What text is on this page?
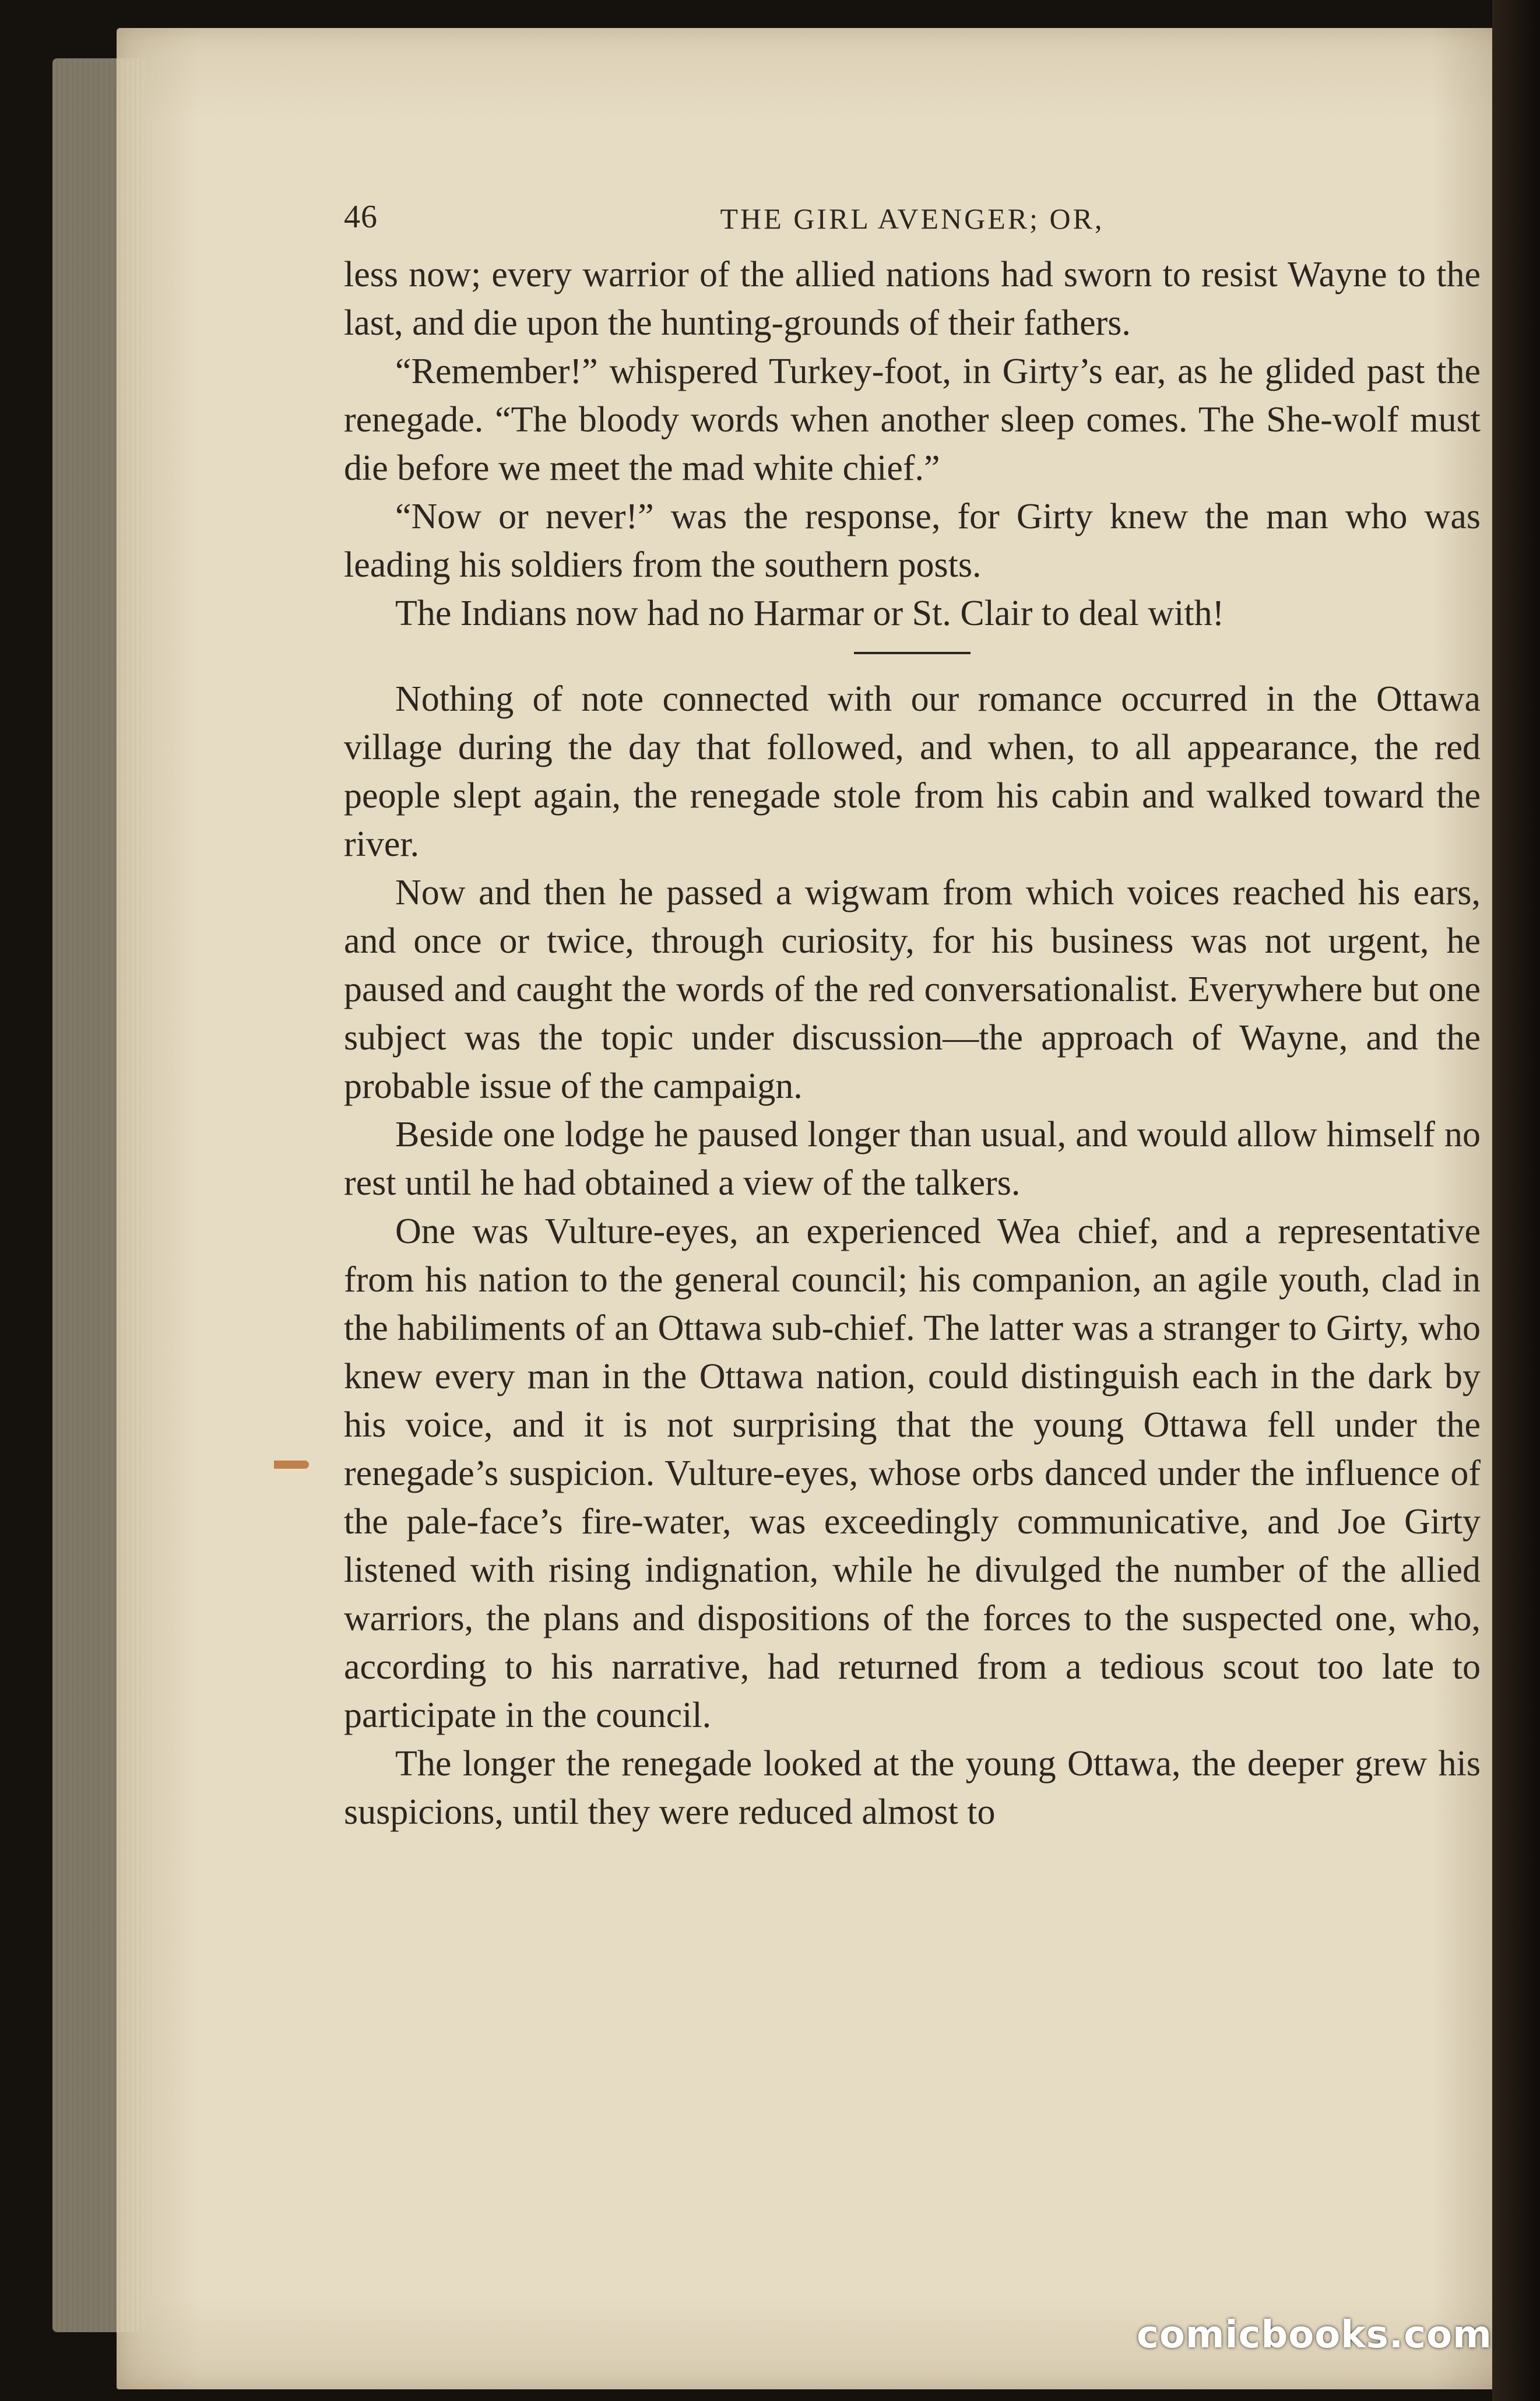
46	THE GIRL AVENGER; OR,

less now; every warrior of the allied nations had sworn to resist Wayne to the last, and die upon the hunting-grounds of their fathers.

“Remember!” whispered Turkey-foot, in Girty’s ear, as he glided past the renegade. “The bloody words when another sleep comes. The She-wolf must die before we meet the mad white chief.”

“Now or never!” was the response, for Girty knew the man who was leading his soldiers from the southern posts.

The Indians now had no Harmar or St. Clair to deal with!

Nothing of note connected with our romance occurred in the Ottawa village during the day that followed, and when, to all appearance, the red people slept again, the renegade stole from his cabin and walked toward the river.

Now and then he passed a wigwam from which voices reached his ears, and once or twice, through curiosity, for his business was not urgent, he paused and caught the words of the red conversationalist. Everywhere but one subject was the topic under discussion—the approach of Wayne, and the probable issue of the campaign.

Beside one lodge he paused longer than usual, and would allow himself no rest until he had obtained a view of the talkers.

One was Vulture-eyes, an experienced Wea chief, and a representative from his nation to the general council; his companion, an agile youth, clad in the habiliments of an Ottawa sub-chief. The latter was a stranger to Girty, who knew every man in the Ottawa nation, could distinguish each in the dark by his voice, and it is not surprising that the young Ottawa fell under the renegade’s suspicion. Vulture-eyes, whose orbs danced under the influence of the pale-face’s fire-water, was exceedingly communicative, and Joe Girty listened with rising indignation, while he divulged the number of the allied warriors, the plans and dispositions of the forces to the suspected one, who, according to his narrative, had returned from a tedious scout too late to participate in the council.

The longer the renegade looked at the young Ottawa, the deeper grew his suspicions, until they were reduced almost to

comicbooks.com
